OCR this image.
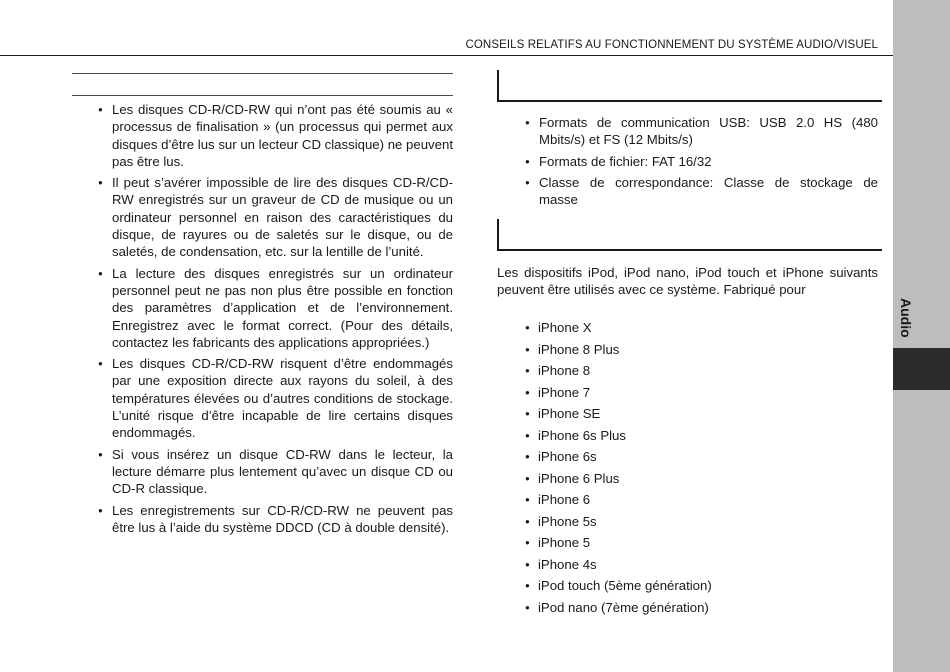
CONSEILS RELATIFS AU FONCTIONNEMENT DU SYSTÈME AUDIO/VISUEL
Audio
● Les disques CD-R/CD-RW qui n’ont pas été soumis au « processus de finalisation » (un processus qui permet aux disques d’être lus sur un lecteur CD classique) ne peuvent pas être lus.
● Il peut s’avérer impossible de lire des disques CD-R/CD-RW enregistrés sur un graveur de CD de musique ou un ordinateur personnel en raison des caractéristiques du disque, de rayures ou de saletés sur le disque, ou de saletés, de condensation, etc. sur la lentille de l’unité.
● La lecture des disques enregistrés sur un ordinateur personnel peut ne pas non plus être possible en fonction des paramètres d’application et de l’environnement. Enregistrez avec le format correct. (Pour des détails, contactez les fabricants des applications appropriées.)
● Les disques CD-R/CD-RW risquent d’être endommagés par une exposition directe aux rayons du soleil, à des températures élevées ou d’autres conditions de stockage. L’unité risque d’être incapable de lire certains disques endommagés.
● Si vous insérez un disque CD-RW dans le lecteur, la lecture démarre plus lentement qu’avec un disque CD ou CD-R classique.
● Les enregistrements sur CD-R/CD-RW ne peuvent pas être lus à l’aide du système DDCD (CD à double densité).
● Formats de communication USB: USB 2.0 HS (480 Mbits/s) et FS (12 Mbits/s)
● Formats de fichier: FAT 16/32
● Classe de correspondance: Classe de stockage de masse
Les dispositifs iPod, iPod nano, iPod touch et iPhone suivants peuvent être utilisés avec ce système. Fabriqué pour
● iPhone X
● iPhone 8 Plus
● iPhone 8
● iPhone 7
● iPhone SE
● iPhone 6s Plus
● iPhone 6s
● iPhone 6 Plus
● iPhone 6
● iPhone 5s
● iPhone 5
● iPhone 4s
● iPod touch (5ème génération)
● iPod nano (7ème génération)
